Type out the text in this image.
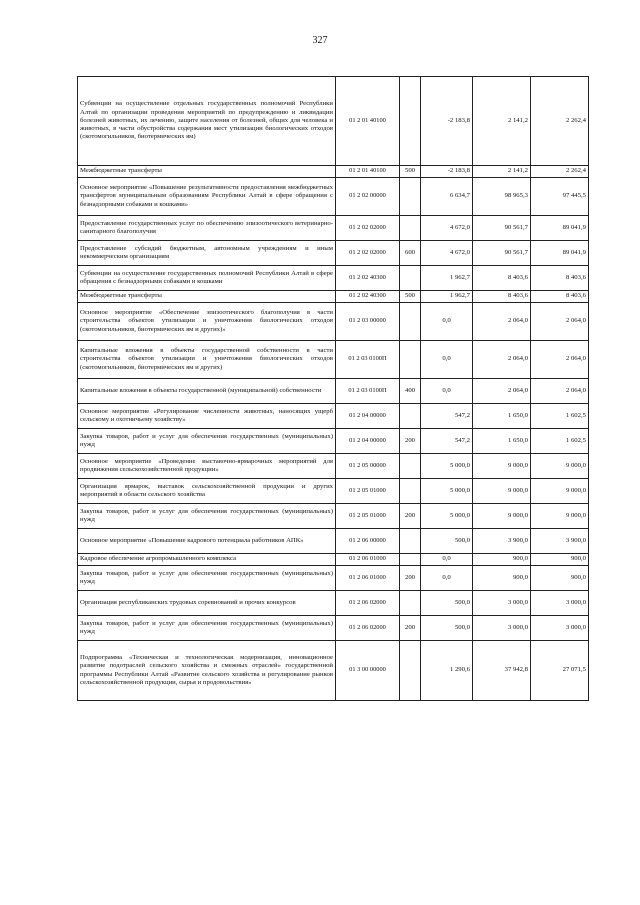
327
Субвенции на осуществление отдельных государственных полномочий Республики Алтай по организации проведения мероприятий по предупреждению и ликвидации болезней животных, их лечению, защите населения от болезней, общих для человека и животных, в части обустройства содержания мест утилизации биологических отходов (скотомогильников, биотермических ям)	01 2 01 40100		-2 183,8	2 141,2	2 262,4
Межбюджетные трансферты	01 2 01 40100	500	-2 183,8	2 141,2	2 262,4
Основное мероприятие «Повышение результативности предоставления межбюджетных трансфертов муниципальным образованиям Республики Алтай в сфере обращения с безнадзорными собаками и кошками»	01 2 02 00000		6 634,7	98 965,3	97 445,5
Предоставление государственных услуг по обеспечению эпизоотического ветеринарно-санитарного благополучия	01 2 02 02000		4 672,0	90 561,7	89 041,9
Предоставление субсидий бюджетным, автономным учреждениям и иным некоммерческим организациям	01 2 02 02000	600	4 672,0	90 561,7	89 041,9
Субвенции на осуществление государственных полномочий Республики Алтай в сфере обращения с безнадзорными собаками и кошками	01 2 02 40300		1 962,7	8 403,6	8 403,6
Межбюджетные трансферты	01 2 02 40300	500	1 962,7	8 403,6	8 403,6
Основное мероприятие «Обеспечение эпизоотического благополучия в части строительства объектов утилизации и уничтожения биологических отходов (скотомогильников, биотермических ям и других)»	01 2 03 00000		0,0	2 064,0	2 064,0
Капитальные вложения в объекты государственной собственности в части строительства объектов утилизации и уничтожения биологических отходов (скотомогильников, биотермических ям и других)	01 2 03 0100П		0,0	2 064,0	2 064,0
Капитальные вложения в объекты государственной (муниципальной) собственности	01 2 03 0100П	400	0,0	2 064,0	2 064,0
Основное мероприятие «Регулирование численности животных, наносящих ущерб сельскому и охотничьему хозяйству»	01 2 04 00000		547,2	1 650,0	1 602,5
Закупка товаров, работ и услуг для обеспечения государственных (муниципальных) нужд	01 2 04 00000	200	547,2	1 650,0	1 602,5
Основное мероприятие «Проведение выставочно-ярмарочных мероприятий для продвижения сельскохозяйственной продукции»	01 2 05 00000		5 000,0	9 000,0	9 000,0
Организация ярмарок, выставок сельскохозяйственной продукции и других мероприятий в области сельского хозяйства	01 2 05 01000		5 000,0	9 000,0	9 000,0
Закупка товаров, работ и услуг для обеспечения государственных (муниципальных) нужд	01 2 05 01000	200	5 000,0	9 000,0	9 000,0
Основное мероприятие «Повышение кадрового потенциала работников АПК»	01 2 06 00000		500,0	3 900,0	3 900,0
Кадровое обеспечение агропромышленного комплекса	01 2 06 01000		0,0	900,0	900,0
Закупка товаров, работ и услуг для обеспечения государственных (муниципальных) нужд	01 2 06 01000	200	0,0	900,0	900,0
Организация республиканских трудовых соревнований и прочих конкурсов	01 2 06 02000		500,0	3 000,0	3 000,0
Закупка товаров, работ и услуг для обеспечения государственных (муниципальных) нужд	01 2 06 02000	200	500,0	3 000,0	3 000,0
Подпрограмма «Техническая и технологическая модернизация, инновационное развитие подотраслей сельского хозяйства и смежных отраслей» государственной программы Республики Алтай «Развитие сельского хозяйства и регулирование рынков сельскохозяйственной продукции, сырья и продовольствия»	01 3 00 00000		1 290,6	37 942,8	27 071,5
